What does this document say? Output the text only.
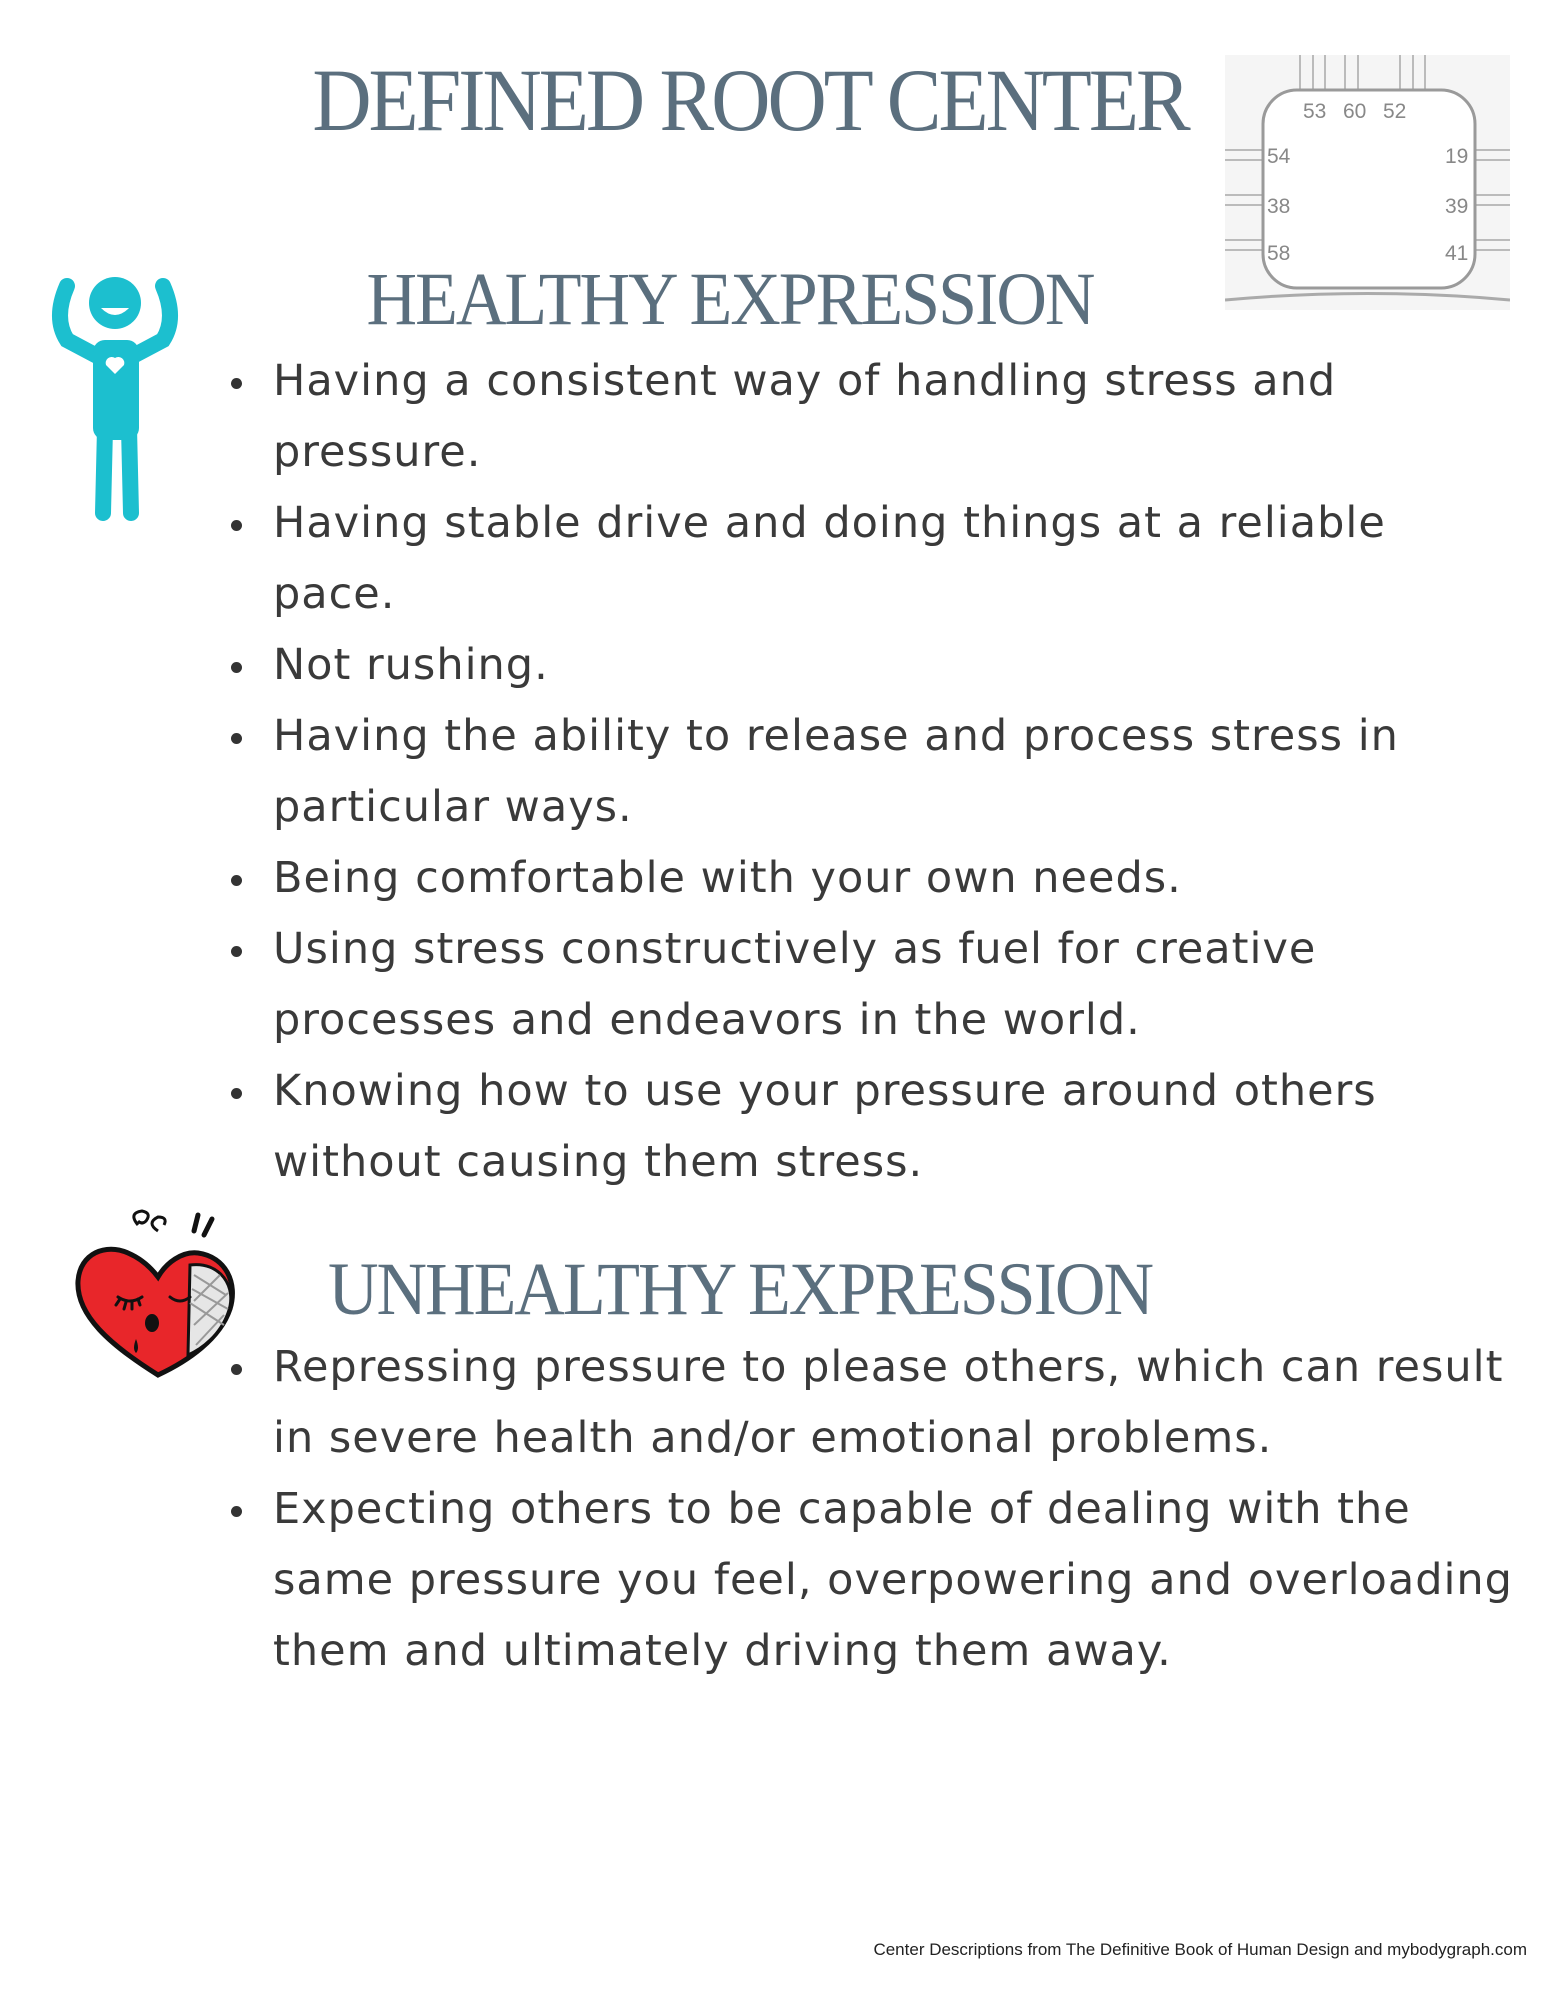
DEFINED ROOT CENTER	53 60 52
54
38
58
19
39
41
HEALTHY EXPRESSION
Having a consistent way of handling stress and pressure.
Having stable drive and doing things at a reliable pace.
Not rushing.
Having the ability to release and process stress in particular ways.
Being comfortable with your own needs.
Using stress constructively as fuel for creative processes and endeavors in the world.
Knowing how to use your pressure around others without causing them stress.
UNHEALTHY EXPRESSION
Repressing pressure to please others, which can result in severe health and/or emotional problems.
Expecting others to be capable of dealing with the same pressure you feel, overpowering and overloading them and ultimately driving them away.
Center Descriptions from The Definitive Book of Human Design and mybodygraph.com
